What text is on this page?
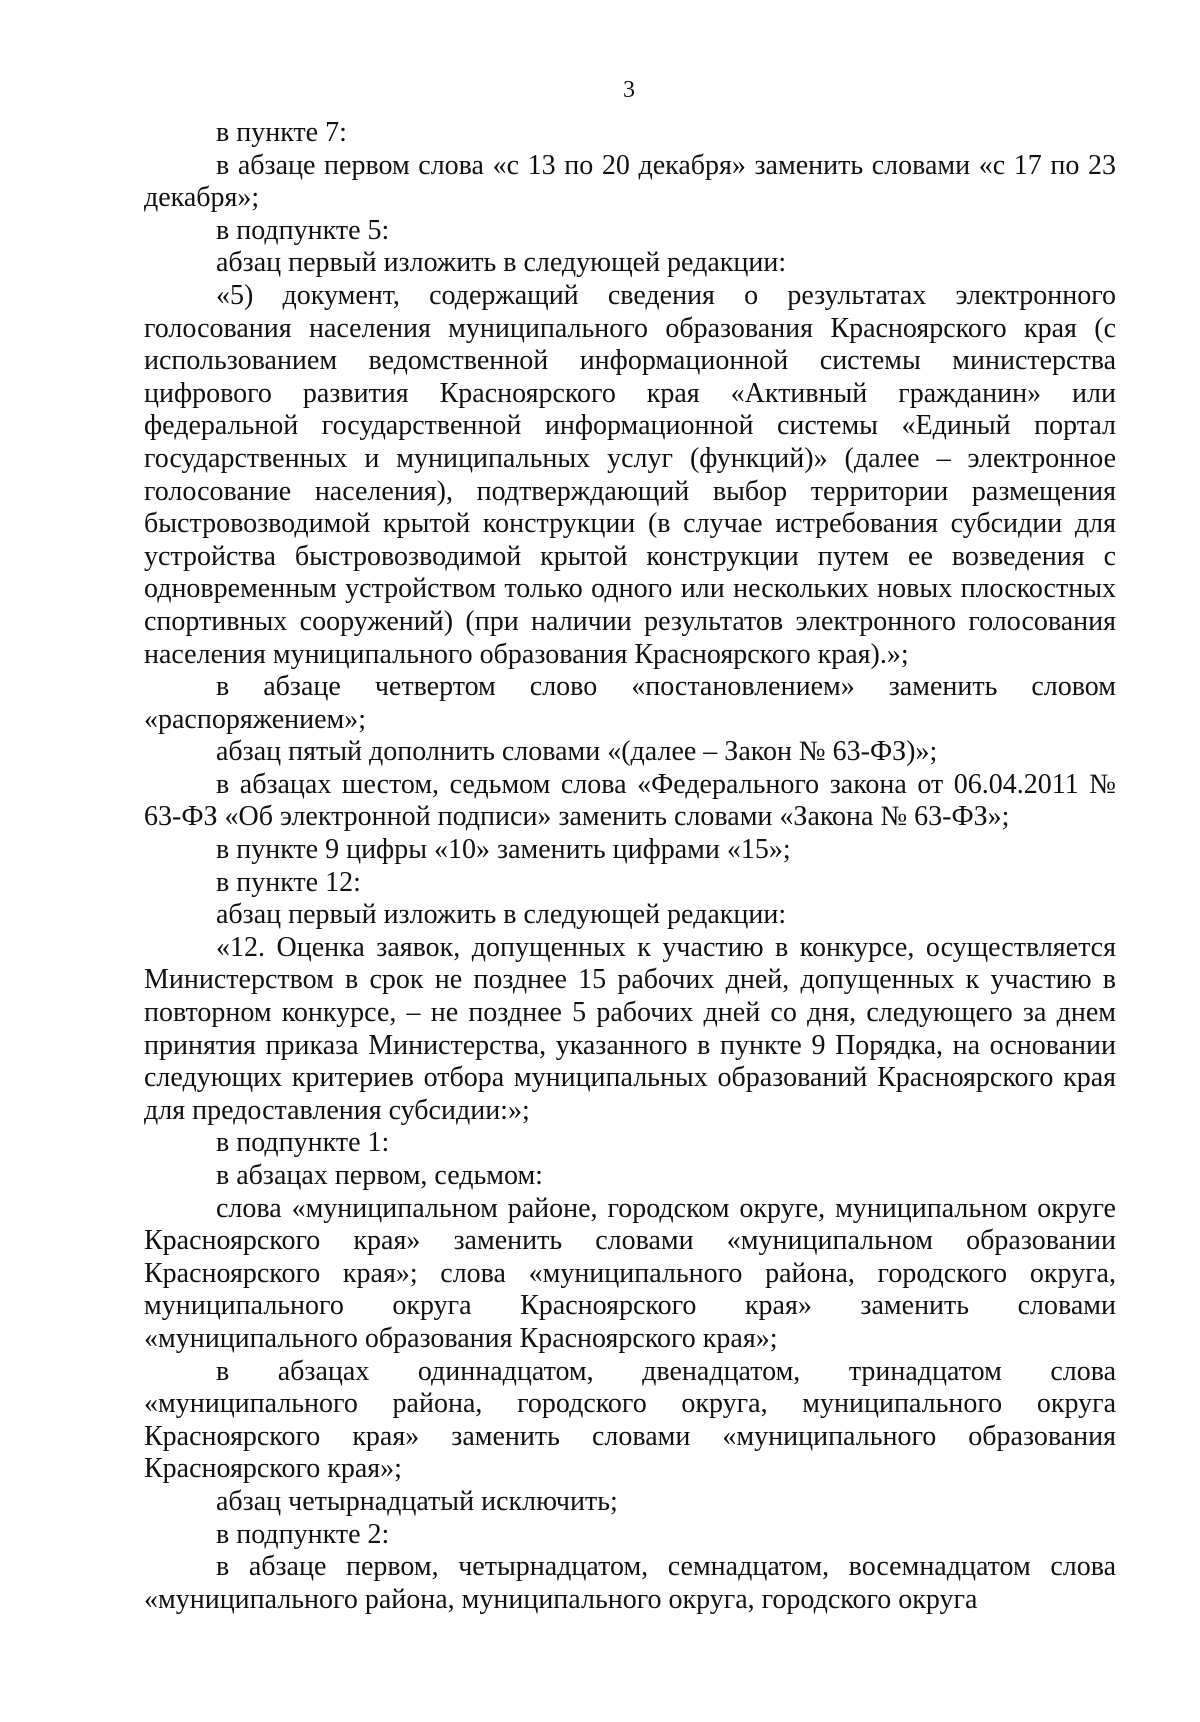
3

в пункте 7:

в абзаце первом слова «с 13 по 20 декабря» заменить словами «с 17 по 23 декабря»;

в подпункте 5:

абзац первый изложить в следующей редакции:

«5) документ, содержащий сведения о результатах электронного голосования населения муниципального образования Красноярского края (с использованием ведомственной информационной системы министерства цифрового развития Красноярского края «Активный гражданин» или федеральной государственной информационной системы «Единый портал государственных и муниципальных услуг (функций)» (далее – электронное голосование населения), подтверждающий выбор территории размещения быстровозводимой крытой конструкции (в случае истребования субсидии для устройства быстровозводимой крытой конструкции путем ее возведения с одновременным устройством только одного или нескольких новых плоскостных спортивных сооружений) (при наличии результатов электронного голосования населения муниципального образования Красноярского края).»;

в абзаце четвертом слово «постановлением» заменить словом «распоряжением»;

абзац пятый дополнить словами «(далее – Закон № 63-ФЗ)»;

в абзацах шестом, седьмом слова «Федерального закона от 06.04.2011 № 63-ФЗ «Об электронной подписи» заменить словами «Закона № 63-ФЗ»;

в пункте 9 цифры «10» заменить цифрами «15»;

в пункте 12:

абзац первый изложить в следующей редакции:

«12. Оценка заявок, допущенных к участию в конкурсе, осуществляется Министерством в срок не позднее 15 рабочих дней, допущенных к участию в повторном конкурсе, – не позднее 5 рабочих дней со дня, следующего за днем принятия приказа Министерства, указанного в пункте 9 Порядка, на основании следующих критериев отбора муниципальных образований Красноярского края для предоставления субсидии:»;

в подпункте 1:

в абзацах первом, седьмом:

слова «муниципальном районе, городском округе, муниципальном округе Красноярского края» заменить словами «муниципальном образовании Красноярского края»; слова «муниципального района, городского округа, муниципального округа Красноярского края» заменить словами «муниципального образования Красноярского края»;

в абзацах одиннадцатом, двенадцатом, тринадцатом слова «муниципального района, городского округа, муниципального округа Красноярского края» заменить словами «муниципального образования Красноярского края»;

абзац четырнадцатый исключить;

в подпункте 2:

в абзаце первом, четырнадцатом, семнадцатом, восемнадцатом слова «муниципального района, муниципального округа, городского округа
